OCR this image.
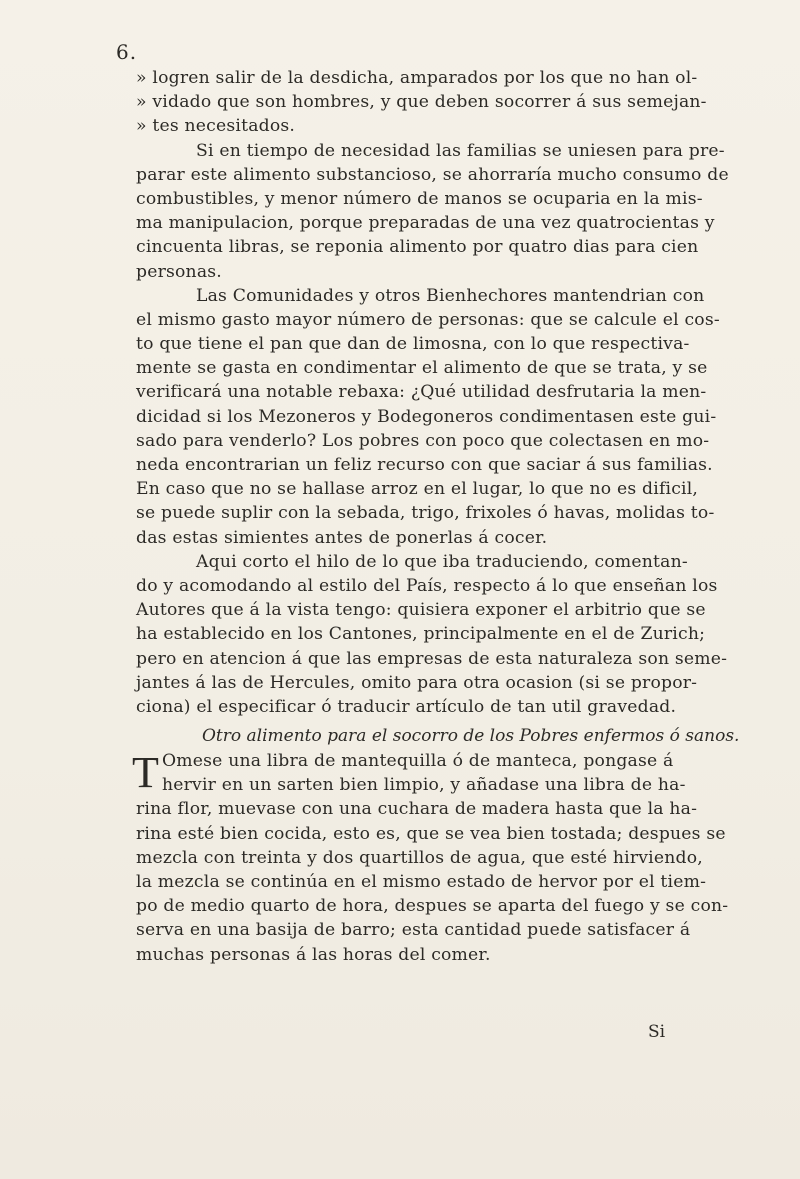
6.
» logren salir de la desdicha, amparados por los que no han ol-
» vidado que son hombres, y que deben socorrer á sus semejan-
» tes necesitados.
Si en tiempo de necesidad las familias se uniesen para pre-
parar este alimento substancioso, se ahorraría mucho consumo de
combustibles, y menor número de manos se ocuparia en la mis-
ma manipulacion, porque preparadas de una vez quatrocientas y
cincuenta libras, se reponia alimento por quatro dias para cien
personas.
Las Comunidades y otros Bienhechores mantendrian con
el mismo gasto mayor número de personas: que se calcule el cos-
to que tiene el pan que dan de limosna, con lo que respectiva-
mente se gasta en condimentar el alimento de que se trata, y se
verificará una notable rebaxa: ¿Qué utilidad desfrutaria la men-
dicidad si los Mezoneros y Bodegoneros condimentasen este gui-
sado para venderlo? Los pobres con poco que colectasen en mo-
neda encontrarian un feliz recurso con que saciar á sus familias.
En caso que no se hallase arroz en el lugar, lo que no es dificil,
se puede suplir con la sebada, trigo, frixoles ó havas, molidas to-
das estas simientes antes de ponerlas á cocer.
Aqui corto el hilo de lo que iba traduciendo, comentan-
do y acomodando al estilo del País, respecto á lo que enseñan los
Autores que á la vista tengo: quisiera exponer el arbitrio que se
ha establecido en los Cantones, principalmente en el de Zurich;
pero en atencion á que las empresas de esta naturaleza son seme-
jantes á las de Hercules, omito para otra ocasion (si se propor-
ciona) el especificar ó traducir artículo de tan util gravedad.
Otro alimento para el socorro de los Pobres enfermos ó sanos.
T Omese una libra de mantequilla ó de manteca, pongase á
hervir en un sarten bien limpio, y añadase una libra de ha-
rina flor, muevase con una cuchara de madera hasta que la ha-
rina esté bien cocida, esto es, que se vea bien tostada; despues se
mezcla con treinta y dos quartillos de agua, que esté hirviendo,
la mezcla se continúa en el mismo estado de hervor por el tiem-
po de medio quarto de hora, despues se aparta del fuego y se con-
serva en una basija de barro; esta cantidad puede satisfacer á
muchas personas á las horas del comer.
Si
